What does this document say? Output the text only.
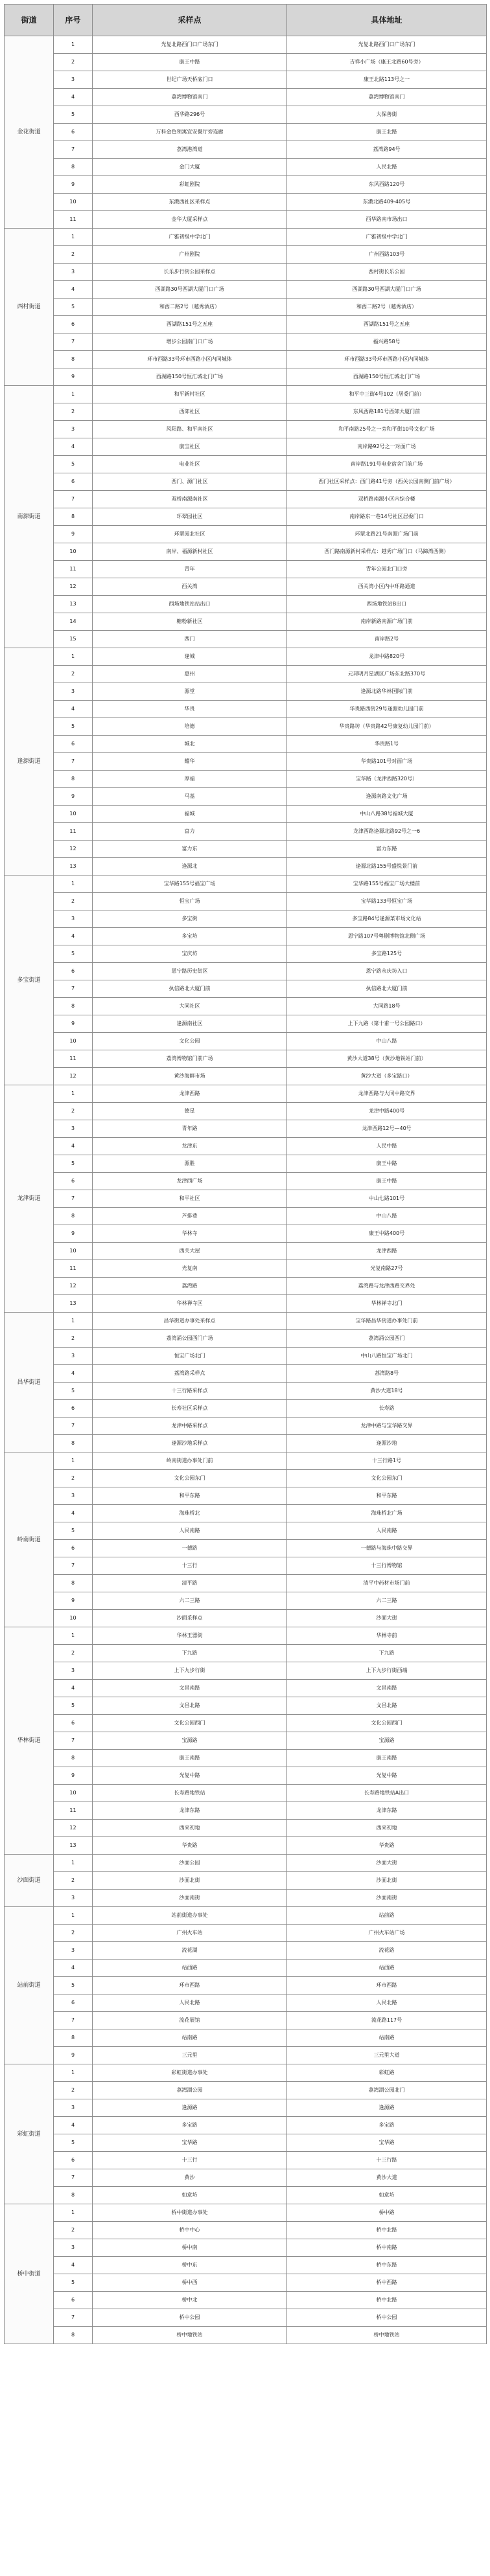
街道	序号	采样点	具体地址
金花街道	1	光复北路西门口广场东门	光复北路西门口广场东门
	2	康王中路	吉祥小广场（康王北路60号旁）
	3	世纪广场天桥底门口	康王北路113号之一
	4	荔湾博物馆南门	荔湾博物馆南门
	5	西华路296号	大保善街
	6	万科金色领寓宜安餐厅旁连廊	康王北路
	7	荔湾港湾道	荔湾路94号
	8	金门大厦	人民北路
	9	彩虹剧院	东风西路120号
	10	东漖西社区采样点	东漖北路409-405号
	11	金华大厦采样点	西华路南市场出口
西村街道	1	广雅初级中学北门	广雅初级中学北门
	2	广州剧院	广州西路103号
	3	长乐步行街公园采样点	西村街长乐公园
	4	西湖路30号西湖大厦门口广场	西湖路30号西湖大厦门口广场
	5	和西二路2号（越秀酒店）	和西二路2号（越秀酒店）
	6	西湖路151号之五座	西湖路151号之五座
	7	增步公园南门口广场	福兴路58号
	8	环市西路33号环市西路小区内同城体	环市西路33号环市西路小区内同城体
	9	西湖路150号恒汇城北门广场	西湖路150号恒汇城北门广场
南源街道	1	和平新村社区	和平中三街4号102（居委门前）
	2	西郊社区	东风西路181号西郊大厦门前
	3	风阳路、和平南社区	和平南路25号之一旁和平街10号文化广场
	4	康宝社区	南岸路92号之一对面广场
	5	电业社区	南岸路191号电业宿舍门前广场
	6	西门、源门社区	西门社区采样点：西门路41号旁（西关公园南侧门前广场）
	7	双桥南源南社区	双桥路南源小区内综合楼
	8	环翠园社区	南岸路东一巷14号社区居委门口
	9	环翠园北社区	环翠北路21号南源广场门前
	10	南岸、福源新村社区	西门路南源新村采样点：越秀广场门口（马蹄湾西侧）
	11	青年	青年公园北门口旁
	12	西关湾	西关湾小区内中环路通道
	13	西场地铁站站出口	西场地铁站B出口
	14	糖粉新社区	南岸新路南源广场门前
	15	西门	南岸路2号
逢源街道	1	逢城	龙津中路820号
	2	惠州	元邦明月星湖区广场东北路370号
	3	源堂	逢源北路华林国际门前
	4	华贵	华贵路西街29号逢源幼儿园门前
	5	培德	华贵路坊（华贵路42号康复幼儿园门前）
	6	城北	华贵路1号
	7	耀华	华贵路101号对面广场
	8	厚福	宝华路（龙津西路320号）
	9	马基	逢源南路文化广场
	10	福城	中山八路38号福城大厦
	11	富力	龙津西路逢源北路92号之一6
	12	富力东	富力东路
	13	逢源北	逢源北路155号盛悦景门前
多宝街道	1	宝华路155号福宝广场	宝华路155号福宝广场大楼前
	2	恒宝广场	宝华路133号恒宝广场
	3	多宝街	多宝路84号逢源菜市场文化站
	4	多宝坊	恩宁路107号粤剧博物馆北侧广场
	5	宝庆坊	多宝路125号
	6	恩宁路历史街区	恩宁路永庆坊入口
	7	执信路北大厦门前	执信路北大厦门前
	8	大同社区	大同路18号
	9	逢源南社区	上下九路（第十甫一号公园路口）
	10	文化公园	中山八路
	11	荔湾博物馆门前广场	黄沙大道38号（黄沙地铁站门前）
	12	黄沙海鲜市场	黄沙大道（多宝路口）
龙津街道	1	龙津西路	龙津西路与大同中路交界
	2	德星	龙津中路400号
	3	青年路	龙津西路12号—40号
	4	龙津东	人民中路
	5	源胜	康王中路
	6	龙津西广场	康王中路
	7	和平社区	中山七路101号
	8	芦排巷	中山八路
	9	华林寺	康王中路400号
	10	西关大屋	龙津西路
	11	光复南	光复南路27号
	12	荔湾路	荔湾路与龙津西路交界处
	13	华林禅寺区	华林禅寺北门
昌华街道	1	昌华街道办事处采样点	宝华路昌华街道办事处门前
	2	荔湾涌公园西门广场	荔湾涌公园西门
	3	恒宝广场北门	中山八路恒宝广场北门
	4	荔湾路采样点	荔湾路8号
	5	十三行路采样点	黄沙大道18号
	6	长寿社区采样点	长寿路
	7	龙津中路采样点	龙津中路与宝华路交界
	8	逢源沙地采样点	逢源沙地
岭南街道	1	岭南街道办事处门前	十三行路1号
	2	文化公园东门	文化公园东门
	3	和平东路	和平东路
	4	海珠桥北	海珠桥北广场
	5	人民南路	人民南路
	6	一德路	一德路与海珠中路交界
	7	十三行	十三行博物馆
	8	清平路	清平中药材市场门前
	9	六二三路	六二三路
	10	沙面采样点	沙面大街
华林街道	1	华林玉器街	华林寺前
	2	下九路	下九路
	3	上下九步行街	上下九步行街西端
	4	文昌南路	文昌南路
	5	文昌北路	文昌北路
	6	文化公园西门	文化公园西门
	7	宝源路	宝源路
	8	康王南路	康王南路
	9	光复中路	光复中路
	10	长寿路地铁站	长寿路地铁站A出口
	11	龙津东路	龙津东路
	12	西来初地	西来初地
	13	华贵路	华贵路
沙面街道	1	沙面公园	沙面大街
	2	沙面北街	沙面北街
	3	沙面南街	沙面南街
站前街道	1	站前街道办事处	站前路
	2	广州火车站	广州火车站广场
	3	流花湖	流花路
	4	站西路	站西路
	5	环市西路	环市西路
	6	人民北路	人民北路
	7	流花展馆	流花路117号
	8	站南路	站南路
	9	三元里	三元里大道
彩虹街道	1	彩虹街道办事处	彩虹路
	2	荔湾湖公园	荔湾湖公园北门
	3	逢源路	逢源路
	4	多宝路	多宝路
	5	宝华路	宝华路
	6	十三行	十三行路
	7	黄沙	黄沙大道
	8	如意坊	如意坊
桥中街道	1	桥中街道办事处	桥中路
	2	桥中中心	桥中北路
	3	桥中南	桥中南路
	4	桥中东	桥中东路
	5	桥中西	桥中西路
	6	桥中北	桥中北路
	7	桥中公园	桥中公园
	8	桥中地铁站	桥中地铁站
